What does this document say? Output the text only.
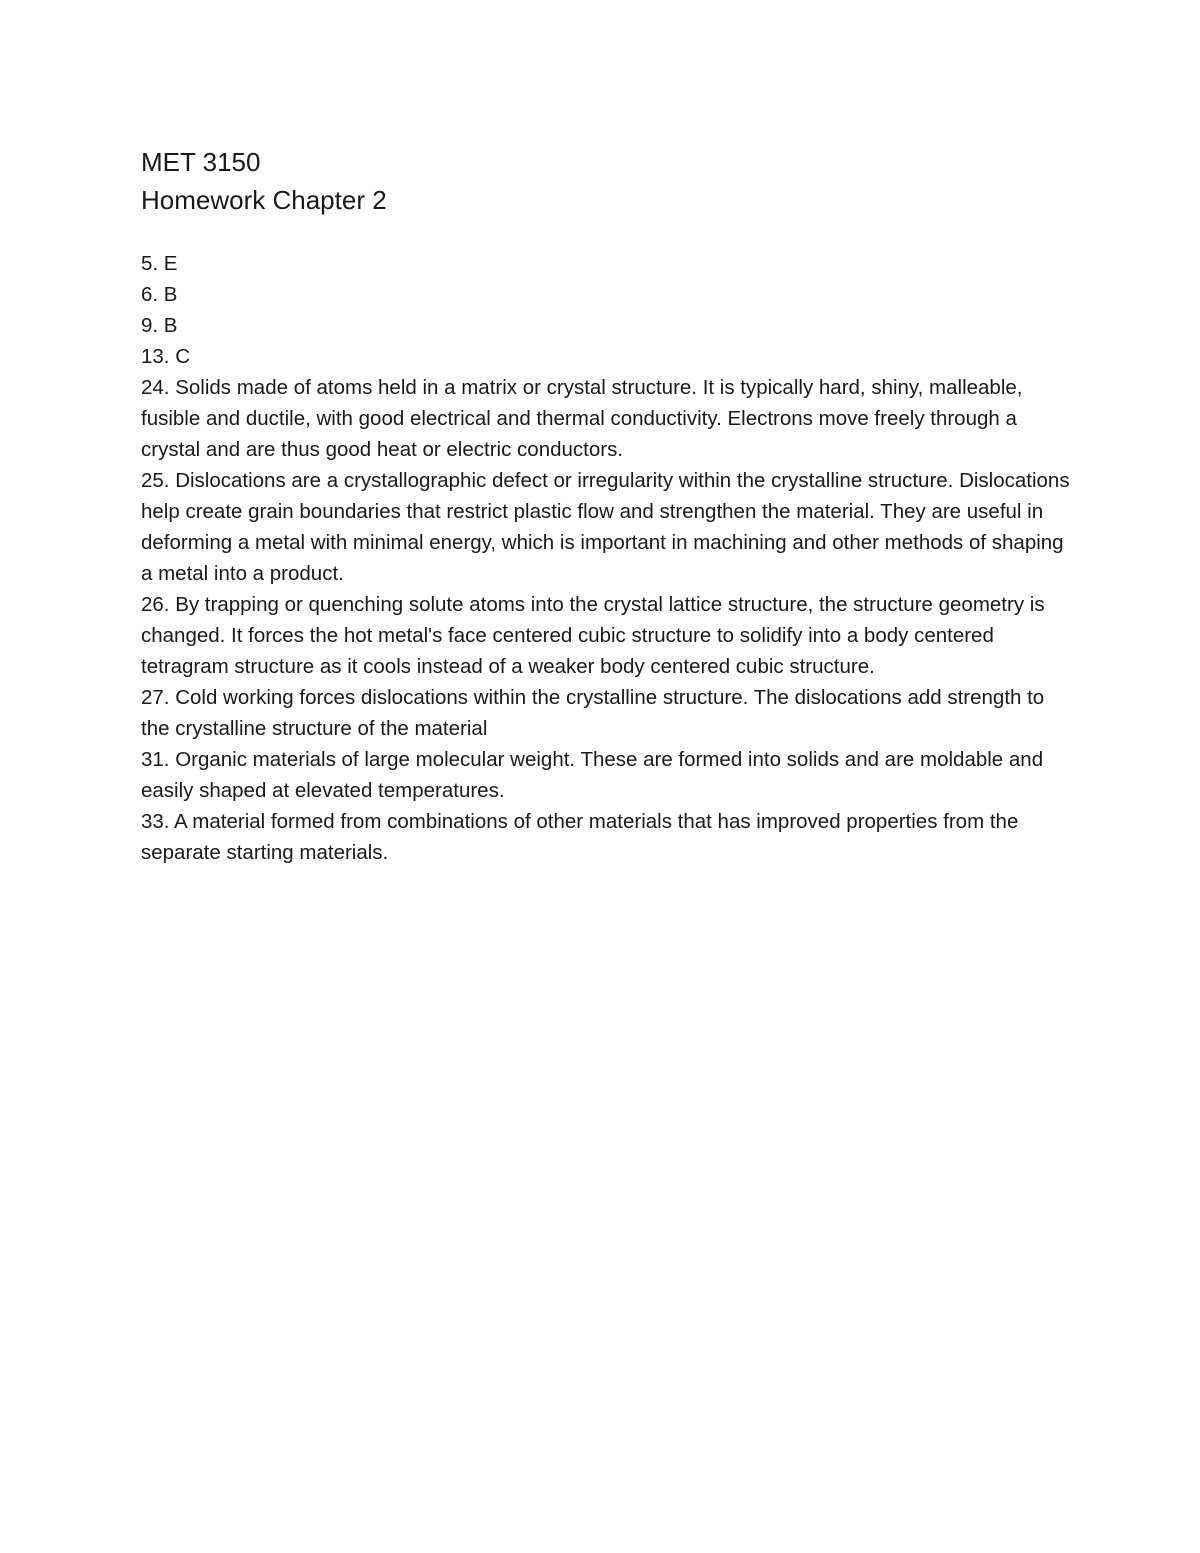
MET 3150
Homework Chapter 2

5. E

6. B

9. B

13. C

24. Solids made of atoms held in a matrix or crystal structure. It is typically hard, shiny, malleable, fusible and ductile, with good electrical and thermal conductivity. Electrons move freely through a crystal and are thus good heat or electric conductors.

25. Dislocations are a crystallographic defect or irregularity within the crystalline structure. Dislocations help create grain boundaries that restrict plastic flow and strengthen the material. They are useful in deforming a metal with minimal energy, which is important in machining and other methods of shaping a metal into a product.

26. By trapping or quenching solute atoms into the crystal lattice structure, the structure geometry is changed. It forces the hot metal's face centered cubic structure to solidify into a body centered tetragram structure as it cools instead of a weaker body centered cubic structure.

27. Cold working forces dislocations within the crystalline structure. The dislocations add strength to the crystalline structure of the material

31. Organic materials of large molecular weight. These are formed into solids and are moldable and easily shaped at elevated temperatures.

33. A material formed from combinations of other materials that has improved properties from the separate starting materials.
